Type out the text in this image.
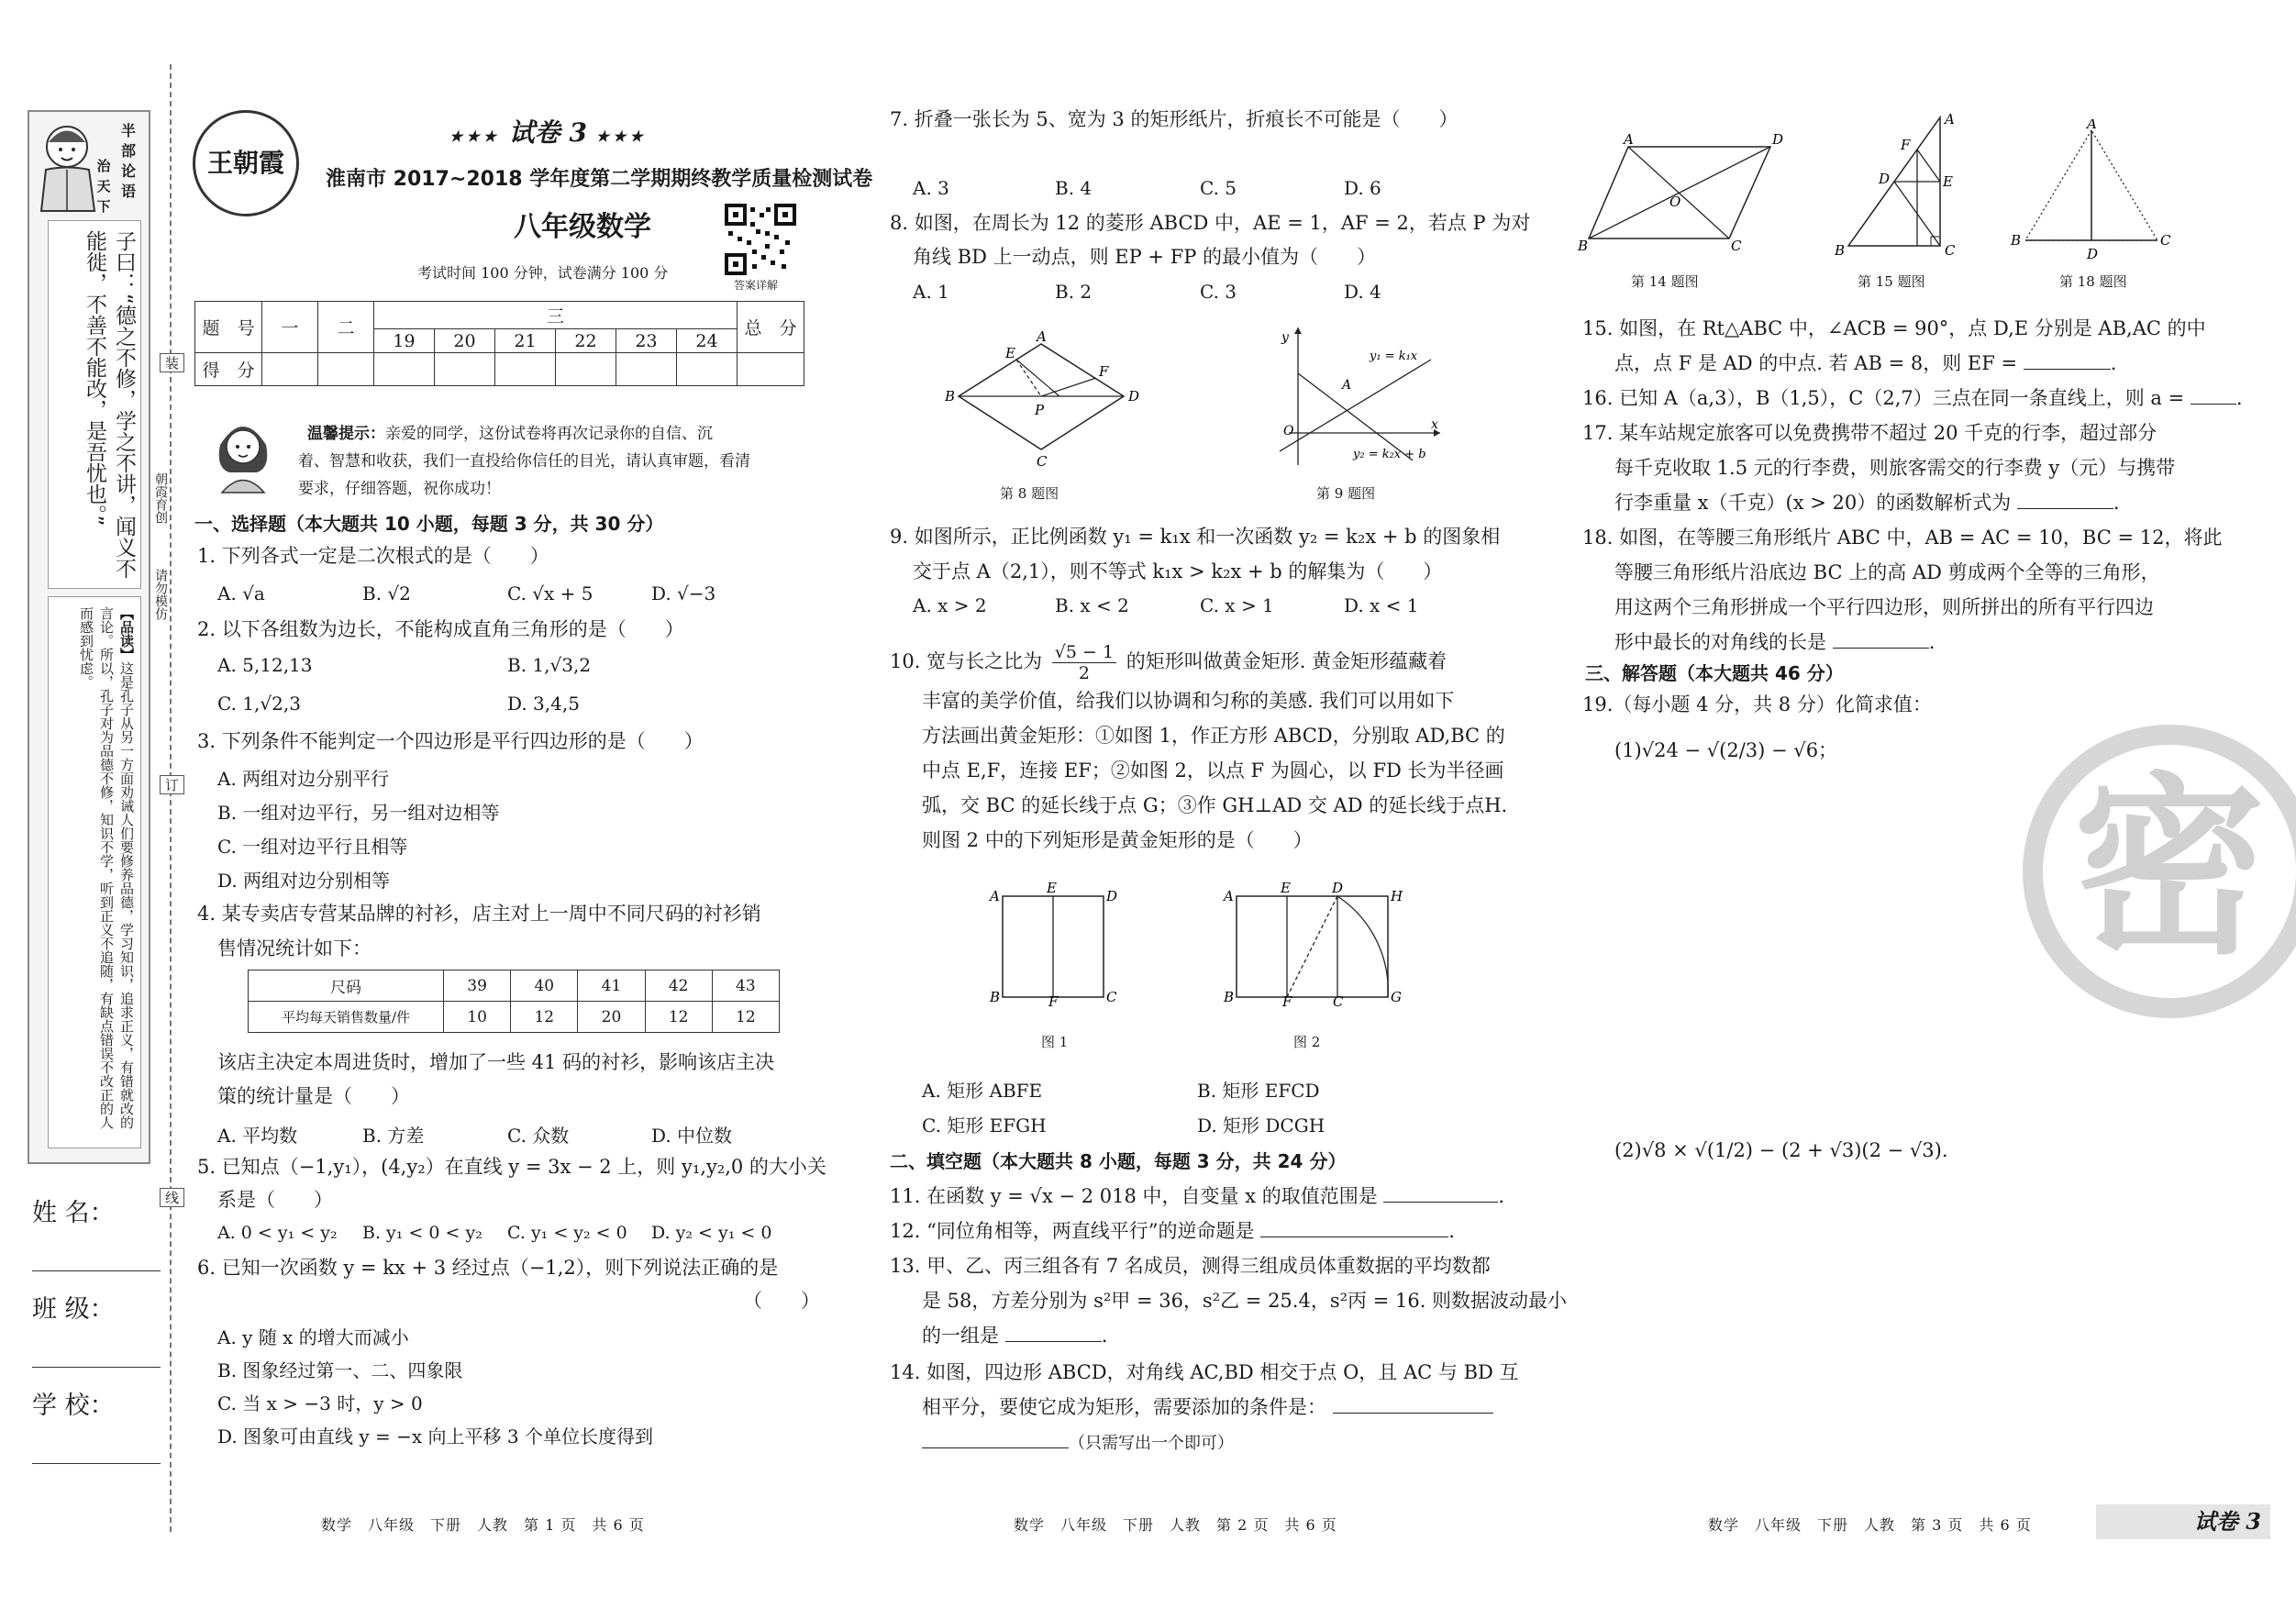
半
部
论
语
治
天
下
子曰：“德之不修，学之不讲，闻义不能徙，不善不能改，是吾忧也。”
【品读】这是孔子从另一方面劝诫人们要修养品德，学习知识，追求正义，有错就改的言论。所以，孔子对为品德不修，知识不学，听到正义不追随，有缺点错误不改正的人而感到忧虑。
装
订
线
朝霞育创
请勿模仿
姓 名：
班 级：
学 校：
王朝霞
★★★ 试卷 3 ★★★
淮南市 2017~2018 学年度第二学期期终教学质量检测试卷
八年级数学
考试时间 100 分钟，试卷满分 100 分
答案详解
题　号	一	二	三						总　分
			19	20	21	22	23	24	
得　分									
温馨提示：亲爱的同学，这份试卷将再次记录你的自信、沉
着、智慧和收获，我们一直投给你信任的目光，请认真审题，看清
要求，仔细答题，祝你成功！
一、选择题（本大题共 10 小题，每题 3 分，共 30 分）
1. 下列各式一定是二次根式的是（　　）
A. √a	B. √2	C. √x + 5	D. √−3
2. 以下各组数为边长，不能构成直角三角形的是（　　）
A. 5,12,13	B. 1,√3,2
C. 1,√2,3	D. 3,4,5
3. 下列条件不能判定一个四边形是平行四边形的是（　　）
A. 两组对边分别平行
B. 一组对边平行，另一组对边相等
C. 一组对边平行且相等
D. 两组对边分别相等
4. 某专卖店专营某品牌的衬衫，店主对上一周中不同尺码的衬衫销
售情况统计如下：
尺码	39	40	41	42	43
平均每天销售数量/件	10	12	20	12	12
该店主决定本周进货时，增加了一些 41 码的衬衫，影响该店主决
策的统计量是（　　）
A. 平均数	B. 方差	C. 众数	D. 中位数
5. 已知点（−1,y₁），(4,y₂）在直线 y = 3x − 2 上，则 y₁,y₂,0 的大小关
系是（　　）
A. 0 < y₁ < y₂ B. y₁ < 0 < y₂ C. y₁ < y₂ < 0 D. y₂ < y₁ < 0
6. 已知一次函数 y = kx + 3 经过点（−1,2），则下列说法正确的是
（　　）
A. y 随 x 的增大而减小
B. 图象经过第一、二、四象限
C. 当 x > −3 时，y > 0
D. 图象可由直线 y = −x 向上平移 3 个单位长度得到
数学　八年级　下册　人教　第 1 页　共 6 页
7. 折叠一张长为 5、宽为 3 的矩形纸片，折痕长不可能是（　　）
A. 3	B. 4	C. 5	D. 6
8. 如图，在周长为 12 的菱形 ABCD 中，AE = 1，AF = 2，若点 P 为对
角线 BD 上一动点，则 EP + FP 的最小值为（　　）
A. 1	B. 2	C. 3	D. 4
A
B
C
D
E
F
P
第 8 题图
y
x
O
A
y₁ = k₁x
y₂ = k₂x + b
第 9 题图
9. 如图所示，正比例函数 y₁ = k₁x 和一次函数 y₂ = k₂x + b 的图象相
交于点 A（2,1），则不等式 k₁x > k₂x + b 的解集为（　　）
A. x > 2	B. x < 2	C. x > 1	D. x < 1
10. 宽与长之比为 $\frac{√5 - 1}{2}$ 的矩形叫做黄金矩形. 黄金矩形蕴藏着
丰富的美学价值，给我们以协调和匀称的美感. 我们可以用如下
方法画出黄金矩形：①如图 1，作正方形 ABCD，分别取 AD,BC 的
中点 E,F，连接 EF；②如图 2，以点 F 为圆心，以 FD 长为半径画
弧，交 BC 的延长线于点 G；③作 GH⊥AD 交 AD 的延长线于点H.
则图 2 中的下列矩形是黄金矩形的是（　　）
A	E	D
B	F	C
图 1
A	E	D	H
B	F	C	G
图 2
A. 矩形 ABFE	B. 矩形 EFCD
C. 矩形 EFGH	D. 矩形 DCGH
二、填空题（本大题共 8 小题，每题 3 分，共 24 分）
11. 在函数 y = √x − 2 018 中，自变量 x 的取值范围是	.
12. “同位角相等，两直线平行”的逆命题是	.
13. 甲、乙、丙三组各有 7 名成员，测得三组成员体重数据的平均数都
是 58，方差分别为 s²甲 = 36，s²乙 = 25.4，s²丙 = 16. 则数据波动最小
的一组是	.
14. 如图，四边形 ABCD，对角线 AC,BD 相交于点 O，且 AC 与 BD 互
相平分，要使它成为矩形，需要添加的条件是：
（只需写出一个即可）
数学　八年级　下册　人教　第 2 页　共 6 页
密
A	D
B	C
O
第 14 题图
B
F
D	E
A
C
第 15 题图
A
B
D
C
第 18 题图
15. 如图，在 Rt△ABC 中，∠ACB = 90°，点 D,E 分别是 AB,AC 的中
点，点 F 是 AD 的中点. 若 AB = 8，则 EF =	.
16. 已知 A（a,3），B（1,5），C（2,7）三点在同一条直线上，则 a =	.
17. 某车站规定旅客可以免费携带不超过 20 千克的行李，超过部分
每千克收取 1.5 元的行李费，则旅客需交的行李费 y（元）与携带
行李重量 x（千克）(x > 20）的函数解析式为	.
18. 如图，在等腰三角形纸片 ABC 中，AB = AC = 10，BC = 12，将此
等腰三角形纸片沿底边 BC 上的高 AD 剪成两个全等的三角形，
用这两个三角形拼成一个平行四边形，则所拼出的所有平行四边
形中最长的对角线的长是	.
三、解答题（本大题共 46 分）
19.（每小题 4 分，共 8 分）化简求值：
(1)√24 − √(2/3) − √6；
(2)√8 × √(1/2) − (2 + √3)(2 − √3).
数学　八年级　下册　人教　第 3 页　共 6 页	试卷 3
